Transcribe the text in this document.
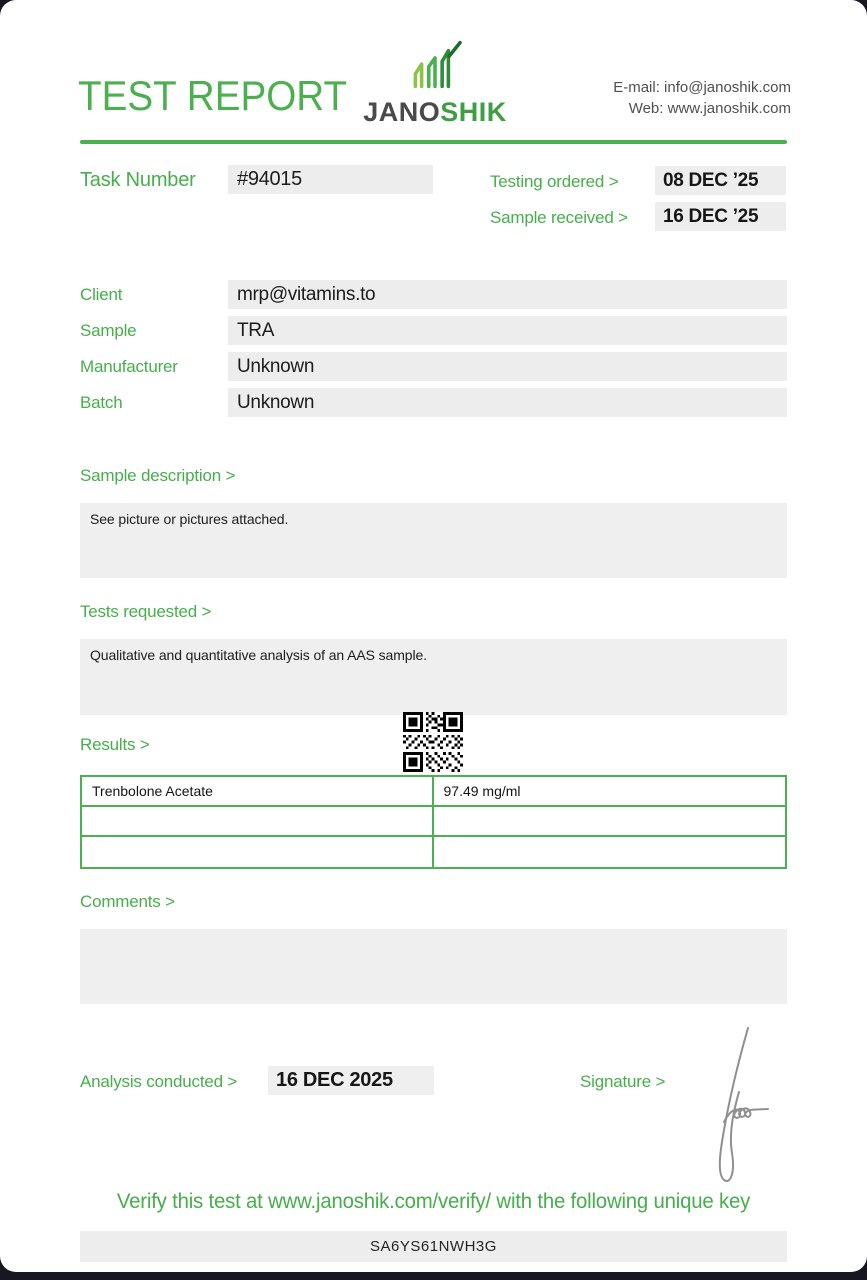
TEST REPORT JANOSHIK
E-mail: info@janoshik.com
Web: www.janoshik.com
Task Number	#94015	Testing ordered >	08 DEC ’25
Sample received >	16 DEC ’25
Client	mrp@vitamins.to
Sample	TRA
Manufacturer	Unknown
Batch	Unknown
Sample description >
See picture or pictures attached.
Tests requested >
Qualitative and quantitative analysis of an AAS sample.
Results >
Trenbolone Acetate	97.49 mg/ml
Comments >
Analysis conducted >	16 DEC 2025	Signature >
Verify this test at www.janoshik.com/verify/ with the following unique key
SA6YS61NWH3G
